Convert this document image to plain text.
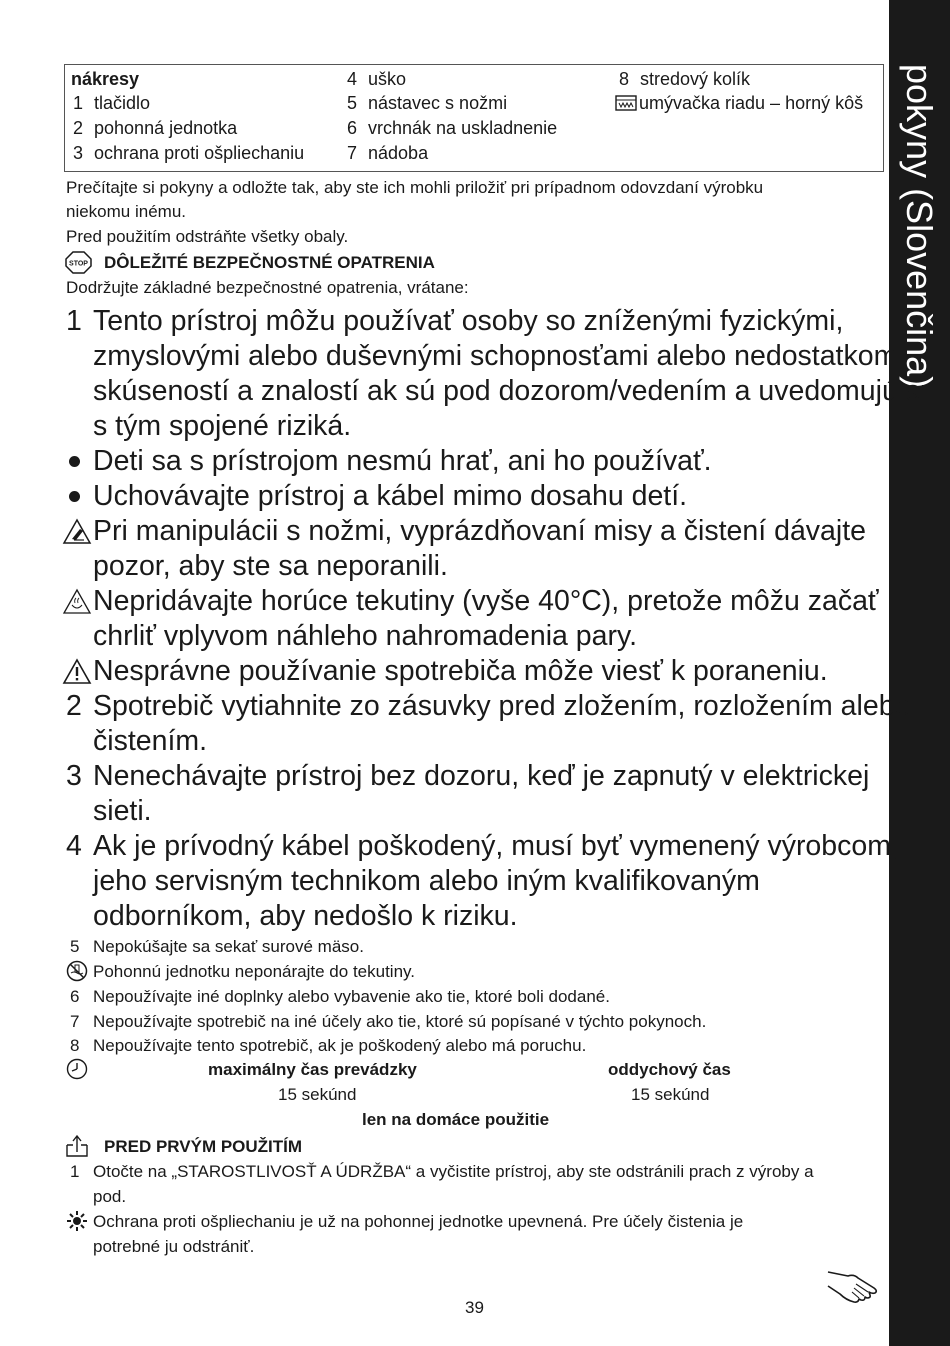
pokyny (Slovenčina)
nákresy
1 tlačidlo
2 pohonná jednotka
3 ochrana proti ošpliechaniu
4 uško
5 nástavec s nožmi
6 vrchnák na uskladnenie
7 nádoba
8 stredový kolík
umývačka riadu – horný kôš
Prečítajte si pokyny a odložte tak, aby ste ich mohli priložiť pri prípadnom odovzdaní výrobku
niekomu inému.
Pred použitím odstráňte všetky obaly.
STOP DÔLEŽITÉ BEZPEČNOSTNÉ OPATRENIA
Dodržujte základné bezpečnostné opatrenia, vrátane:
1 Tento prístroj môžu používať osoby so zníženými fyzickými,
zmyslovými alebo duševnými schopnosťami alebo nedostatkom
skúseností a znalostí ak sú pod dozorom/vedením a uvedomujú si
s tým spojené riziká.
Deti sa s prístrojom nesmú hrať, ani ho používať.
Uchovávajte prístroj a kábel mimo dosahu detí.
Pri manipulácii s nožmi, vyprázdňovaní misy a čistení dávajte
pozor, aby ste sa neporanili.
Nepridávajte horúce tekutiny (vyše 40°C), pretože môžu začať
chrliť vplyvom náhleho nahromadenia pary.
Nesprávne používanie spotrebiča môže viesť k poraneniu.
2 Spotrebič vytiahnite zo zásuvky pred zložením, rozložením alebo
čistením.
3 Nenechávajte prístroj bez dozoru, keď je zapnutý v elektrickej
sieti.
4 Ak je prívodný kábel poškodený, musí byť vymenený výrobcom,
jeho servisným technikom alebo iným kvalifikovaným
odborníkom, aby nedošlo k riziku.
5 Nepokúšajte sa sekať surové mäso.
Pohonnú jednotku neponárajte do tekutiny.
6 Nepoužívajte iné doplnky alebo vybavenie ako tie, ktoré boli dodané.
7 Nepoužívajte spotrebič na iné účely ako tie, ktoré sú popísané v týchto pokynoch.
8 Nepoužívajte tento spotrebič, ak je poškodený alebo má poruchu.
maximálny čas prevádzky
15 sekúnd
oddychový čas
15 sekúnd
len na domáce použitie
PRED PRVÝM POUŽITÍM
1 Otočte na „STAROSTLIVOSŤ A ÚDRŽBA“ a vyčistite prístroj, aby ste odstránili prach z výroby a
pod.
Ochrana proti ošpliechaniu je už na pohonnej jednotke upevnená. Pre účely čistenia je
potrebné ju odstrániť.
39
